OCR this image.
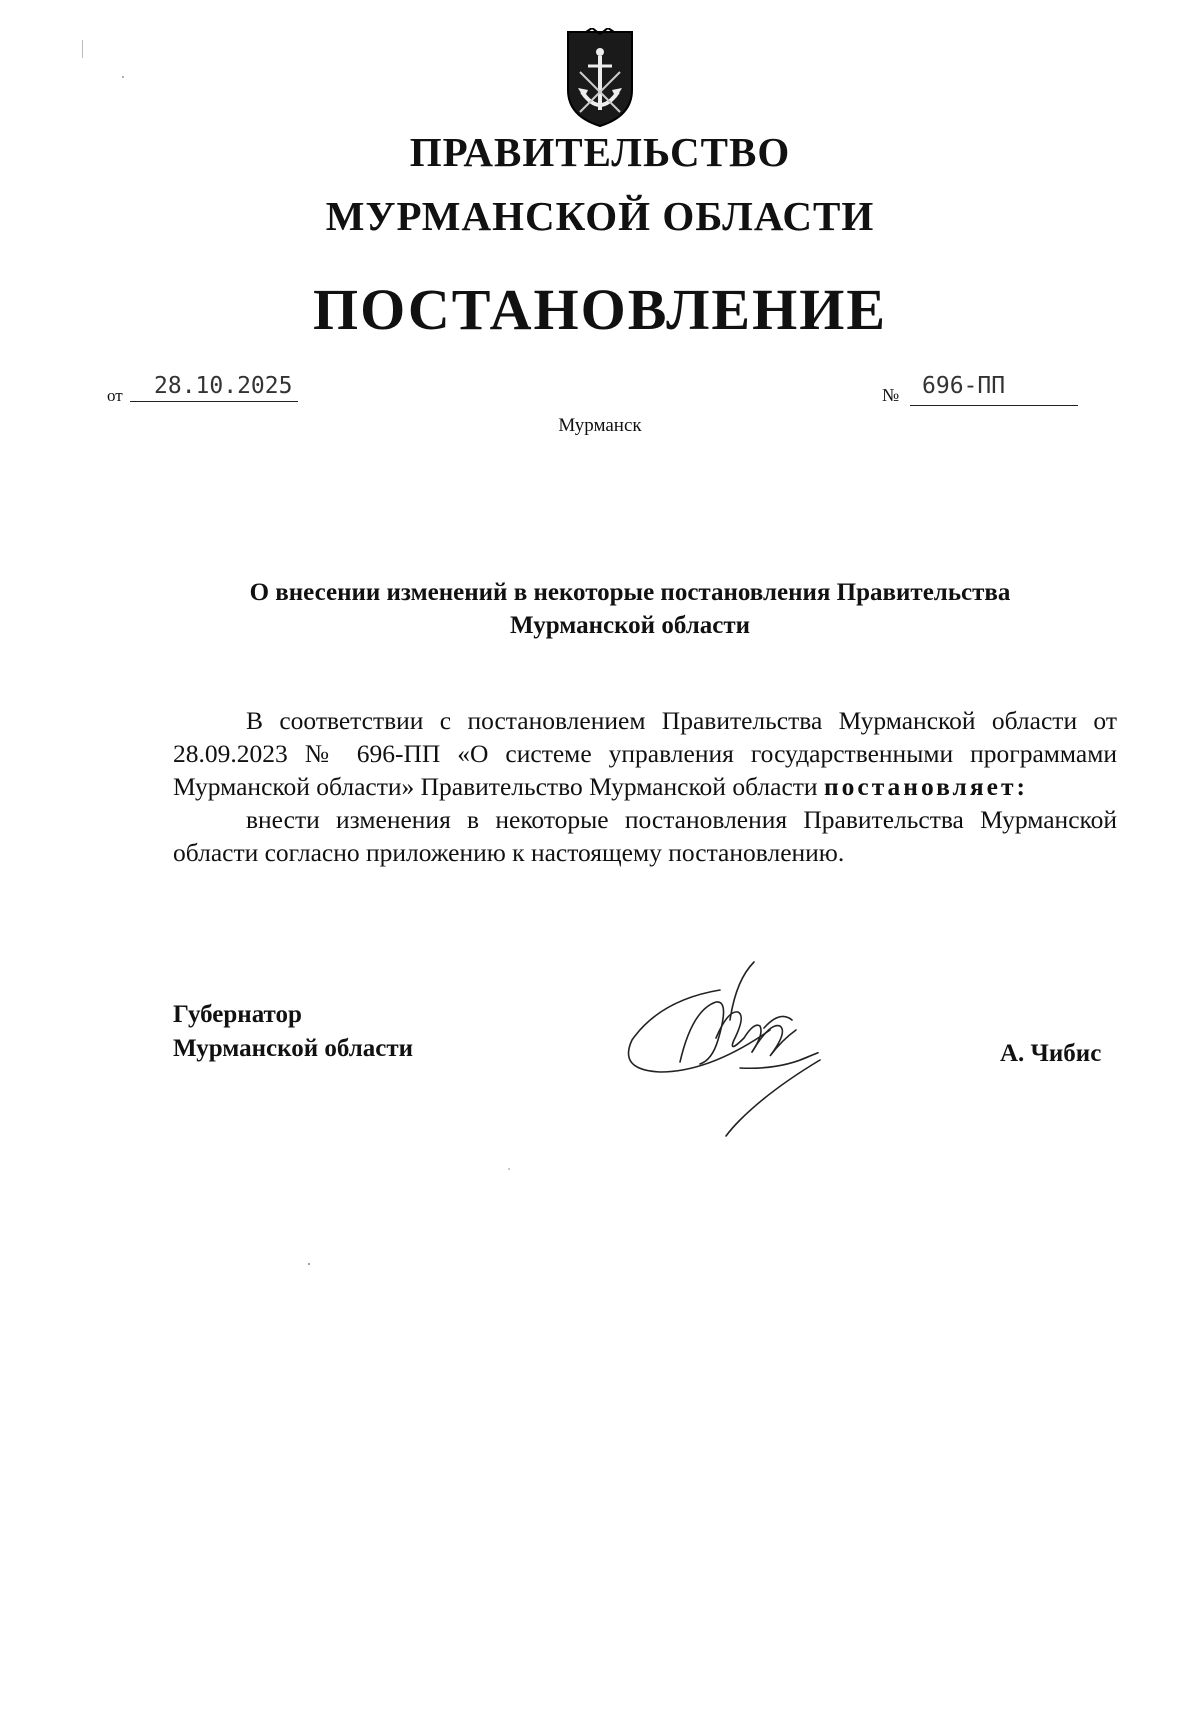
ПРАВИТЕЛЬСТВО
МУРМАНСКОЙ ОБЛАСТИ
ПОСТАНОВЛЕНИЕ
от	28.10.2025	№ 696-ПП
Мурманск
О внесении изменений в некоторые постановления Правительства
Мурманской области

В соответствии с постановлением Правительства Мурманской области от 28.09.2023 № 696-ПП «О системе управления государственными программами Мурманской области» Правительство Мурманской области постановляет:

внести изменения в некоторые постановления Правительства Мурманской области согласно приложению к настоящему постановлению.

Губернатор
Мурманской области	А. Чибис
